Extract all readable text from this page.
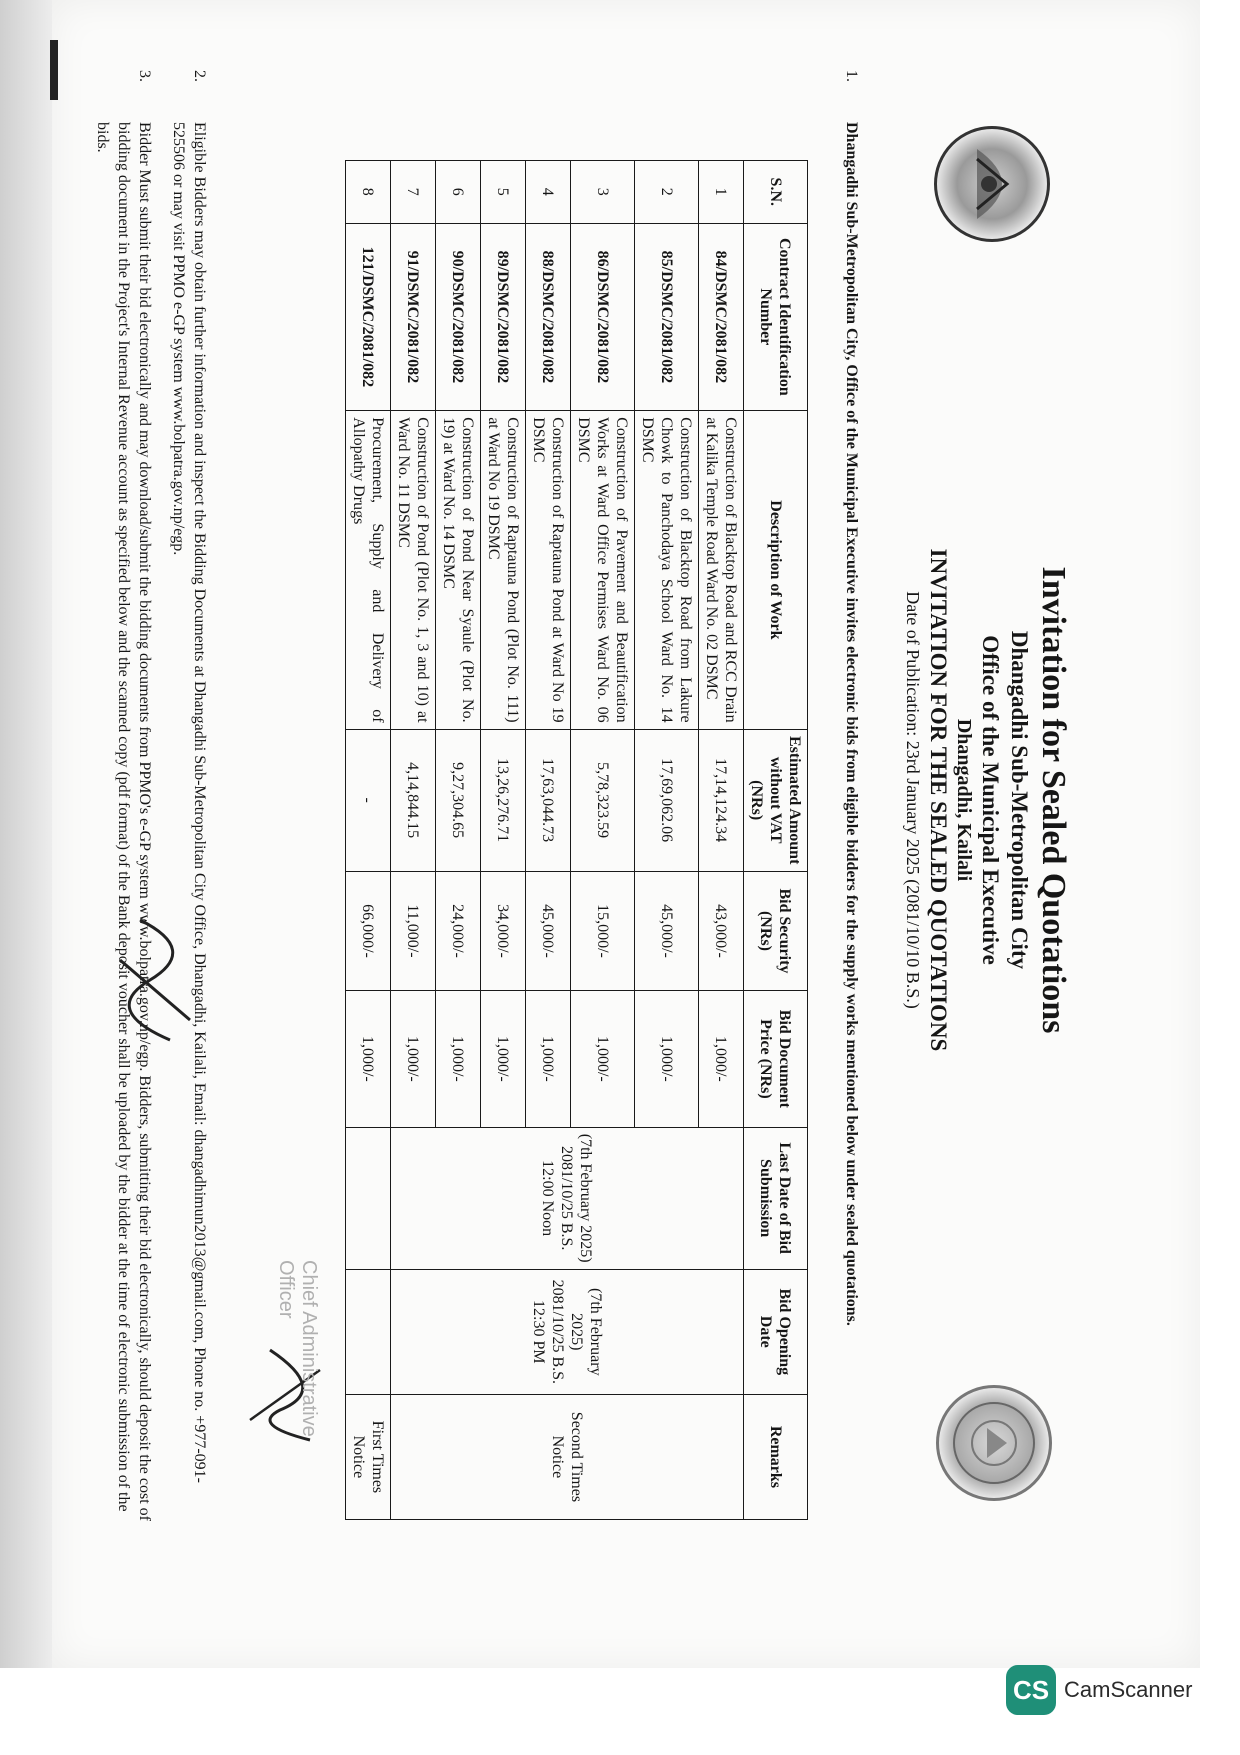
Invitation for Sealed Quotations
Dhangadhi Sub-Metropolitan City
Office of the Municipal Executive
Dhangadhi, Kailali
INVITATION FOR THE SEALED QUOTATIONS
Date of Publication: 23rd January 2025 (2081/10/10 B.S.)
1.
Dhangadhi Sub-Metropolitan City, Office of the Municipal Executive invites electronic bids from eligible bidders for the supply works mentioned below under sealed quotations.
S.N.	Contract Identification Number	Description of Work	Estimated Amount without VAT (NRs)	Bid Security (NRs)	Bid Document Price (NRs)	Last Date of Bid Submission	Bid Opening Date	Remarks
1	84/DSMC/2081/082	Construction of Blacktop Road and RCC Drain at Kalika Temple Road Ward No. 02 DSMC	17,14,124.34	43,000/-	1,000/-	(7th February 2025) 2081/10/25 B.S. 12:00 Noon	(7th February 2025) 2081/10/25 B.S. 12:30 PM	Second Times Notice
2	85/DSMC/2081/082	Construction of Blacktop Road from Lakure Chowk to Panchodaya School Ward No. 14 DSMC	17,69,062.06	45,000/-	1,000/-			
3	86/DSMC/2081/082	Construction of Pavement and Beautification Works at Ward Office Permises Ward No. 06 DSMC	5,78,323.59	15,000/-	1,000/-			
4	88/DSMC/2081/082	Construction of Raptauna Pond at Ward No 19 DSMC	17,63,044.73	45,000/-	1,000/-			
5	89/DSMC/2081/082	Construction of Raptauna Pond (Plot No. 111) at Ward No 19 DSMC	13,26,276.71	34,000/-	1,000/-			
6	90/DSMC/2081/082	Construction of Pond Near Syaule (Plot No. 19) at Ward No. 14 DSMC	9,27,304.65	24,000/-	1,000/-			
7	91/DSMC/2081/082	Construction of Pond (Plot No. 1, 3 and 10) at Ward No. 11 DSMC	4,14,844.15	11,000/-	1,000/-			
8	121/DSMC/2081/082	Procurement, Supply and Delivery of Allopathy Drugs	-	66,000/-	1,000/-			First Times Notice
2.
Eligible Bidders may obtain further information and inspect the Bidding Documents at Dhangadhi Sub-Metropolitan City Office, Dhangadhi, Kailali, Email: dhangadhimun2013@gmail.com, Phone no. +977-091-525506 or may visit PPMO e-GP system www.bolpatra.gov.np/egp.
3.
Bidder Must submit their bid electronically and may download/submit the bidding documents from PPMO's e-GP system www.bolpatra.gov.np/egp. Bidders, submitting their bid electronically, should deposit the cost of bidding document in the Project's Internal Revenue account as specified below and the scanned copy (pdf format) of the Bank deposit voucher shall be uploaded by the bidder at the time of electronic submission of the bids.
Chief Administrative Officer
CS CamScanner
